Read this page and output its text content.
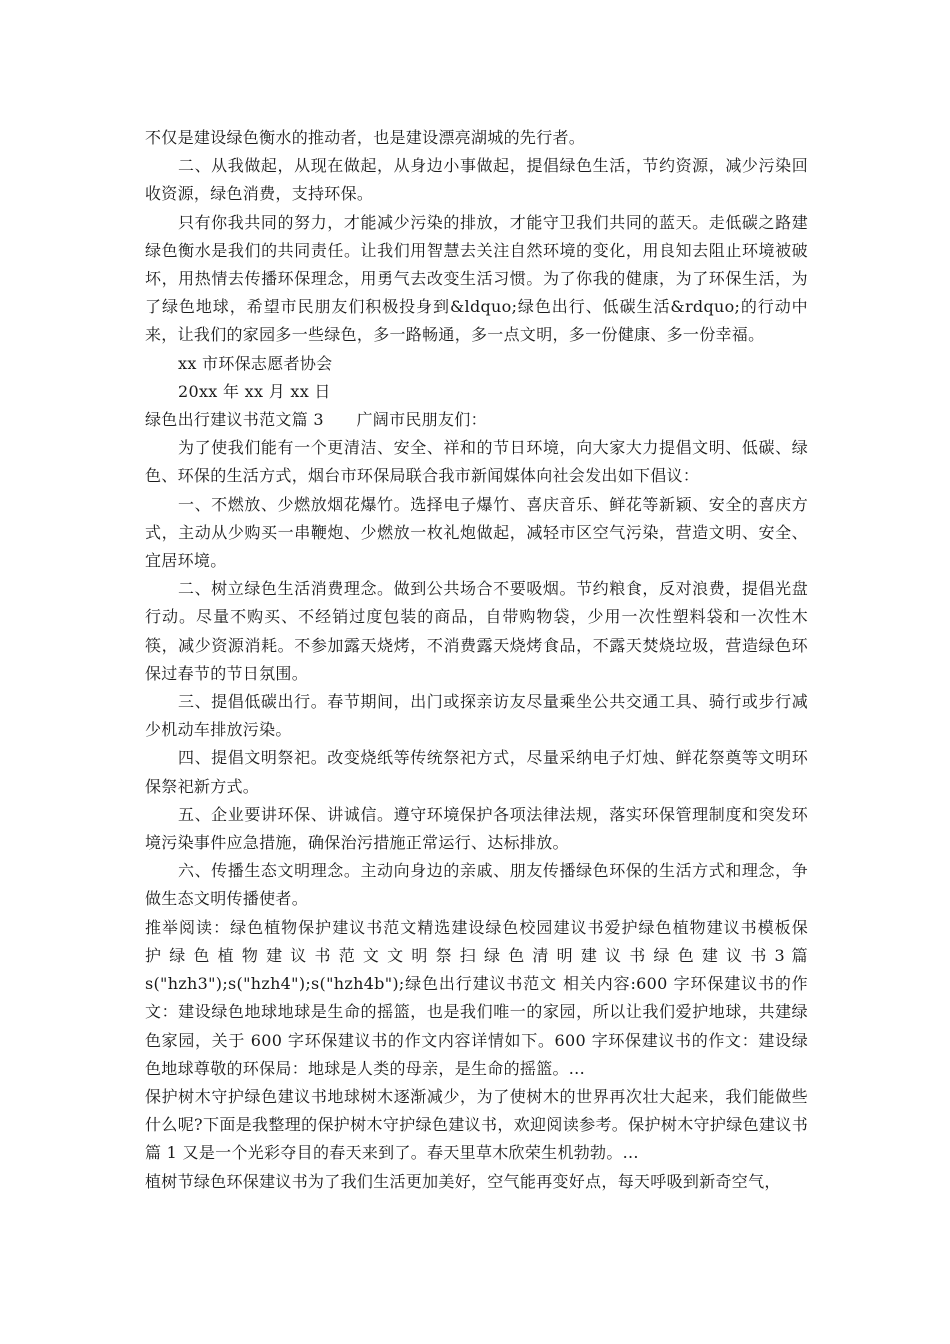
不仅是建设绿色衡水的推动者，也是建设漂亮湖城的先行者。

二、从我做起，从现在做起，从身边小事做起，提倡绿色生活，节约资源，减少污染回收资源，绿色消费，支持环保。

只有你我共同的努力，才能减少污染的排放，才能守卫我们共同的蓝天。走低碳之路建绿色衡水是我们的共同责任。让我们用智慧去关注自然环境的变化，用良知去阻止环境被破坏，用热情去传播环保理念，用勇气去改变生活习惯。为了你我的健康，为了环保生活，为了绿色地球，希望市民朋友们积极投身到&ldquo;绿色出行、低碳生活&rdquo;的行动中来，让我们的家园多一些绿色，多一路畅通，多一点文明，多一份健康、多一份幸福。

xx 市环保志愿者协会

20xx 年 xx 月 xx 日

绿色出行建议书范文篇 3　　广阔市民朋友们：

为了使我们能有一个更清洁、安全、祥和的节日环境，向大家大力提倡文明、低碳、绿色、环保的生活方式，烟台市环保局联合我市新闻媒体向社会发出如下倡议：

一、不燃放、少燃放烟花爆竹。选择电子爆竹、喜庆音乐、鲜花等新颖、安全的喜庆方式，主动从少购买一串鞭炮、少燃放一枚礼炮做起，减轻市区空气污染，营造文明、安全、宜居环境。

二、树立绿色生活消费理念。做到公共场合不要吸烟。节约粮食，反对浪费，提倡光盘行动。尽量不购买、不经销过度包装的商品，自带购物袋，少用一次性塑料袋和一次性木筷，减少资源消耗。不参加露天烧烤，不消费露天烧烤食品，不露天焚烧垃圾，营造绿色环保过春节的节日氛围。

三、提倡低碳出行。春节期间，出门或探亲访友尽量乘坐公共交通工具、骑行或步行减少机动车排放污染。

四、提倡文明祭祀。改变烧纸等传统祭祀方式，尽量采纳电子灯烛、鲜花祭奠等文明环保祭祀新方式。

五、企业要讲环保、讲诚信。遵守环境保护各项法律法规，落实环保管理制度和突发环境污染事件应急措施，确保治污措施正常运行、达标排放。

六、传播生态文明理念。主动向身边的亲戚、朋友传播绿色环保的生活方式和理念，争做生态文明传播使者。

推举阅读：绿色植物保护建议书范文精选建设绿色校园建议书爱护绿色植物建议书模板保

护 绿 色 植 物 建 议 书 范 文 文 明 祭 扫 绿 色 清 明 建 议 书 绿 色 建 议 书 3 篇

s("hzh3");s("hzh4");s("hzh4b");绿色出行建议书范文 相关内容:600 字环保建议书的作文：建设绿色地球地球是生命的摇篮，也是我们唯一的家园，所以让我们爱护地球，共建绿色家园，关于 600 字环保建议书的作文内容详情如下。600 字环保建议书的作文：建设绿色地球尊敬的环保局：地球是人类的母亲，是生命的摇篮。...

保护树木守护绿色建议书地球树木逐渐减少，为了使树木的世界再次壮大起来，我们能做些什么呢?下面是我整理的保护树木守护绿色建议书，欢迎阅读参考。保护树木守护绿色建议书篇 1 又是一个光彩夺目的春天来到了。春天里草木欣荣生机勃勃。...

植树节绿色环保建议书为了我们生活更加美好，空气能再变好点，每天呼吸到新奇空气，
